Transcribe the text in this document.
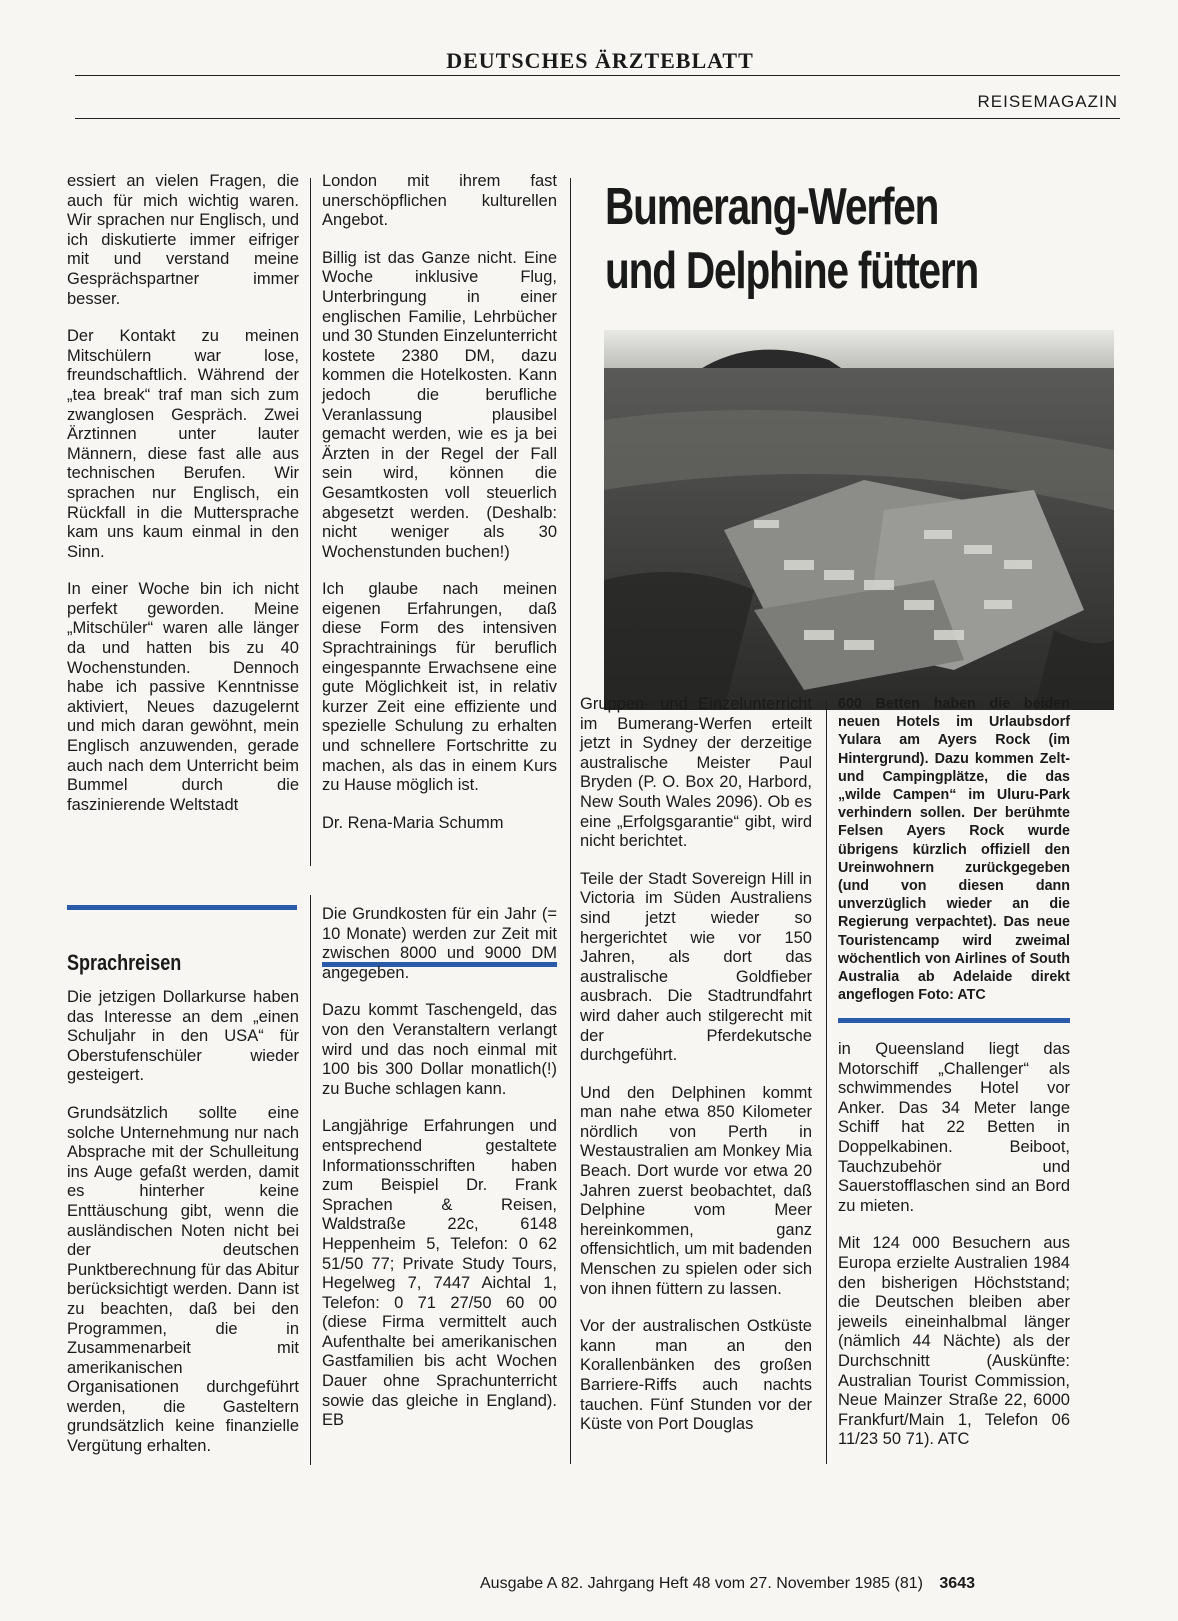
DEUTSCHES ÄRZTEBLATT
REISEMAGAZIN

essiert an vielen Fragen, die auch für mich wichtig waren. Wir sprachen nur Englisch, und ich diskutierte immer eifriger mit und verstand meine Gesprächspartner immer besser.

Der Kontakt zu meinen Mitschülern war lose, freundschaftlich. Während der „tea break“ traf man sich zum zwanglosen Gespräch. Zwei Ärztinnen unter lauter Männern, diese fast alle aus technischen Berufen. Wir sprachen nur Englisch, ein Rückfall in die Muttersprache kam uns kaum einmal in den Sinn.

In einer Woche bin ich nicht perfekt geworden. Meine „Mitschüler“ waren alle länger da und hatten bis zu 40 Wochenstunden. Dennoch habe ich passive Kenntnisse aktiviert, Neues dazugelernt und mich daran gewöhnt, mein Englisch anzuwenden, gerade auch nach dem Unterricht beim Bummel durch die faszinierende Weltstadt

London mit ihrem fast unerschöpflichen kulturellen Angebot.

Billig ist das Ganze nicht. Eine Woche inklusive Flug, Unterbringung in einer englischen Familie, Lehrbücher und 30 Stunden Einzelunterricht kostete 2380 DM, dazu kommen die Hotelkosten. Kann jedoch die berufliche Veranlassung plausibel gemacht werden, wie es ja bei Ärzten in der Regel der Fall sein wird, können die Gesamtkosten voll steuerlich abgesetzt werden. (Deshalb: nicht weniger als 30 Wochenstunden buchen!)

Ich glaube nach meinen eigenen Erfahrungen, daß diese Form des intensiven Sprachtrainings für beruflich eingespannte Erwachsene eine gute Möglichkeit ist, in relativ kurzer Zeit eine effiziente und spezielle Schulung zu erhalten und schnellere Fortschritte zu machen, als das in einem Kurs zu Hause möglich ist.

Dr. Rena-Maria Schumm

Sprachreisen

Die jetzigen Dollarkurse haben das Interesse an dem „einen Schuljahr in den USA“ für Oberstufenschüler wieder gesteigert.

Grundsätzlich sollte eine solche Unternehmung nur nach Absprache mit der Schulleitung ins Auge gefaßt werden, damit es hinterher keine Enttäuschung gibt, wenn die ausländischen Noten nicht bei der deutschen Punktberechnung für das Abitur berücksichtigt werden. Dann ist zu beachten, daß bei den Programmen, die in Zusammenarbeit mit amerikanischen Organisationen durchgeführt werden, die Gasteltern grundsätzlich keine finanzielle Vergütung erhalten.

Die Grundkosten für ein Jahr (= 10 Monate) werden zur Zeit mit zwischen 8000 und 9000 DM angegeben.

Dazu kommt Taschengeld, das von den Veranstaltern verlangt wird und das noch einmal mit 100 bis 300 Dollar monatlich(!) zu Buche schlagen kann.

Langjährige Erfahrungen und entsprechend gestaltete Informationsschriften haben zum Beispiel Dr. Frank Sprachen & Reisen, Waldstraße 22c, 6148 Heppenheim 5, Telefon: 0 62 51/50 77; Private Study Tours, Hegelweg 7, 7447 Aichtal 1, Telefon: 0 71 27/50 60 00 (diese Firma vermittelt auch Aufenthalte bei amerikanischen Gastfamilien bis acht Wochen Dauer ohne Sprachunterricht sowie das gleiche in England). EB

Bumerang-Werfen
und Delphine füttern

Gruppen- und Einzelunterricht im Bumerang-Werfen erteilt jetzt in Sydney der derzeitige australische Meister Paul Bryden (P. O. Box 20, Harbord, New South Wales 2096). Ob es eine „Erfolgsgarantie“ gibt, wird nicht berichtet.

Teile der Stadt Sovereign Hill in Victoria im Süden Australiens sind jetzt wieder so hergerichtet wie vor 150 Jahren, als dort das australische Goldfieber ausbrach. Die Stadtrundfahrt wird daher auch stilgerecht mit der Pferdekutsche durchgeführt.

Und den Delphinen kommt man nahe etwa 850 Kilometer nördlich von Perth in Westaustralien am Monkey Mia Beach. Dort wurde vor etwa 20 Jahren zuerst beobachtet, daß Delphine vom Meer hereinkommen, ganz offensichtlich, um mit badenden Menschen zu spielen oder sich von ihnen füttern zu lassen.

Vor der australischen Ostküste kann man an den Korallenbänken des großen Barriere-Riffs auch nachts tauchen. Fünf Stunden vor der Küste von Port Douglas

600 Betten haben die beiden neuen Hotels im Urlaubsdorf Yulara am Ayers Rock (im Hintergrund). Dazu kommen Zelt- und Campingplätze, die das „wilde Campen“ im Uluru-Park verhindern sollen. Der berühmte Felsen Ayers Rock wurde übrigens kürzlich offiziell den Ureinwohnern zurückgegeben (und von diesen dann unverzüglich wieder an die Regierung verpachtet). Das neue Touristencamp wird zweimal wöchentlich von Airlines of South Australia ab Adelaide direkt angeflogen Foto: ATC

in Queensland liegt das Motorschiff „Challenger“ als schwimmendes Hotel vor Anker. Das 34 Meter lange Schiff hat 22 Betten in Doppelkabinen. Beiboot, Tauchzubehör und Sauerstofflaschen sind an Bord zu mieten.

Mit 124 000 Besuchern aus Europa erzielte Australien 1984 den bisherigen Höchststand; die Deutschen bleiben aber jeweils eineinhalbmal länger (nämlich 44 Nächte) als der Durchschnitt (Auskünfte: Australian Tourist Commission, Neue Mainzer Straße 22, 6000 Frankfurt/Main 1, Telefon 06 11/23 50 71). ATC

Ausgabe A 82. Jahrgang Heft 48 vom 27. November 1985 (81) 3643
